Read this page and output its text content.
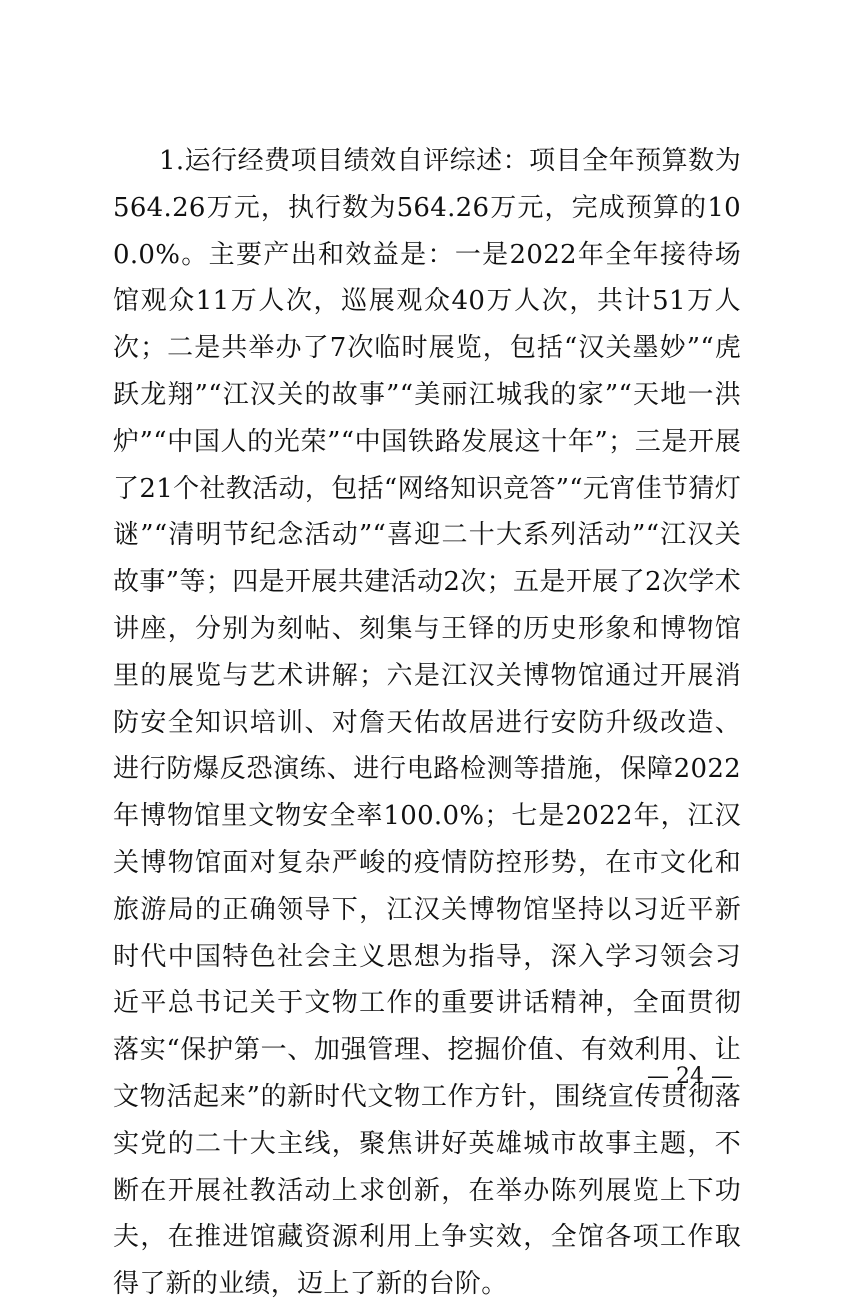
1.运行经费项目绩效自评综述：项目全年预算数为564.26万元，执行数为564.26万元，完成预算的100.0%。主要产出和效益是：一是2022年全年接待场馆观众11万人次，巡展观众40万人次，共计51万人次；二是共举办了7次临时展览，包括“汉关墨妙”“虎跃龙翔”“江汉关的故事”“美丽江城我的家”“天地一洪炉”“中国人的光荣”“中国铁路发展这十年”；三是开展了21个社教活动，包括“网络知识竞答”“元宵佳节猜灯谜”“清明节纪念活动”“喜迎二十大系列活动”“江汉关故事”等；四是开展共建活动2次；五是开展了2次学术讲座，分别为刻帖、刻集与王铎的历史形象和博物馆里的展览与艺术讲解；六是江汉关博物馆通过开展消防安全知识培训、对詹天佑故居进行安防升级改造、进行防爆反恐演练、进行电路检测等措施，保障2022年博物馆里文物安全率100.0%；七是2022年，江汉关博物馆面对复杂严峻的疫情防控形势，在市文化和旅游局的正确领导下，江汉关博物馆坚持以习近平新时代中国特色社会主义思想为指导，深入学习领会习近平总书记关于文物工作的重要讲话精神，全面贯彻落实“保护第一、加强管理、挖掘价值、有效利用、让文物活起来”的新时代文物工作方针，围绕宣传贯彻落实党的二十大主线，聚焦讲好英雄城市故事主题，不断在开展社教活动上求创新，在举办陈列展览上下功夫，在推进馆藏资源利用上争实效，全馆各项工作取得了新的业绩，迈上了新的台阶。

— 24 —
